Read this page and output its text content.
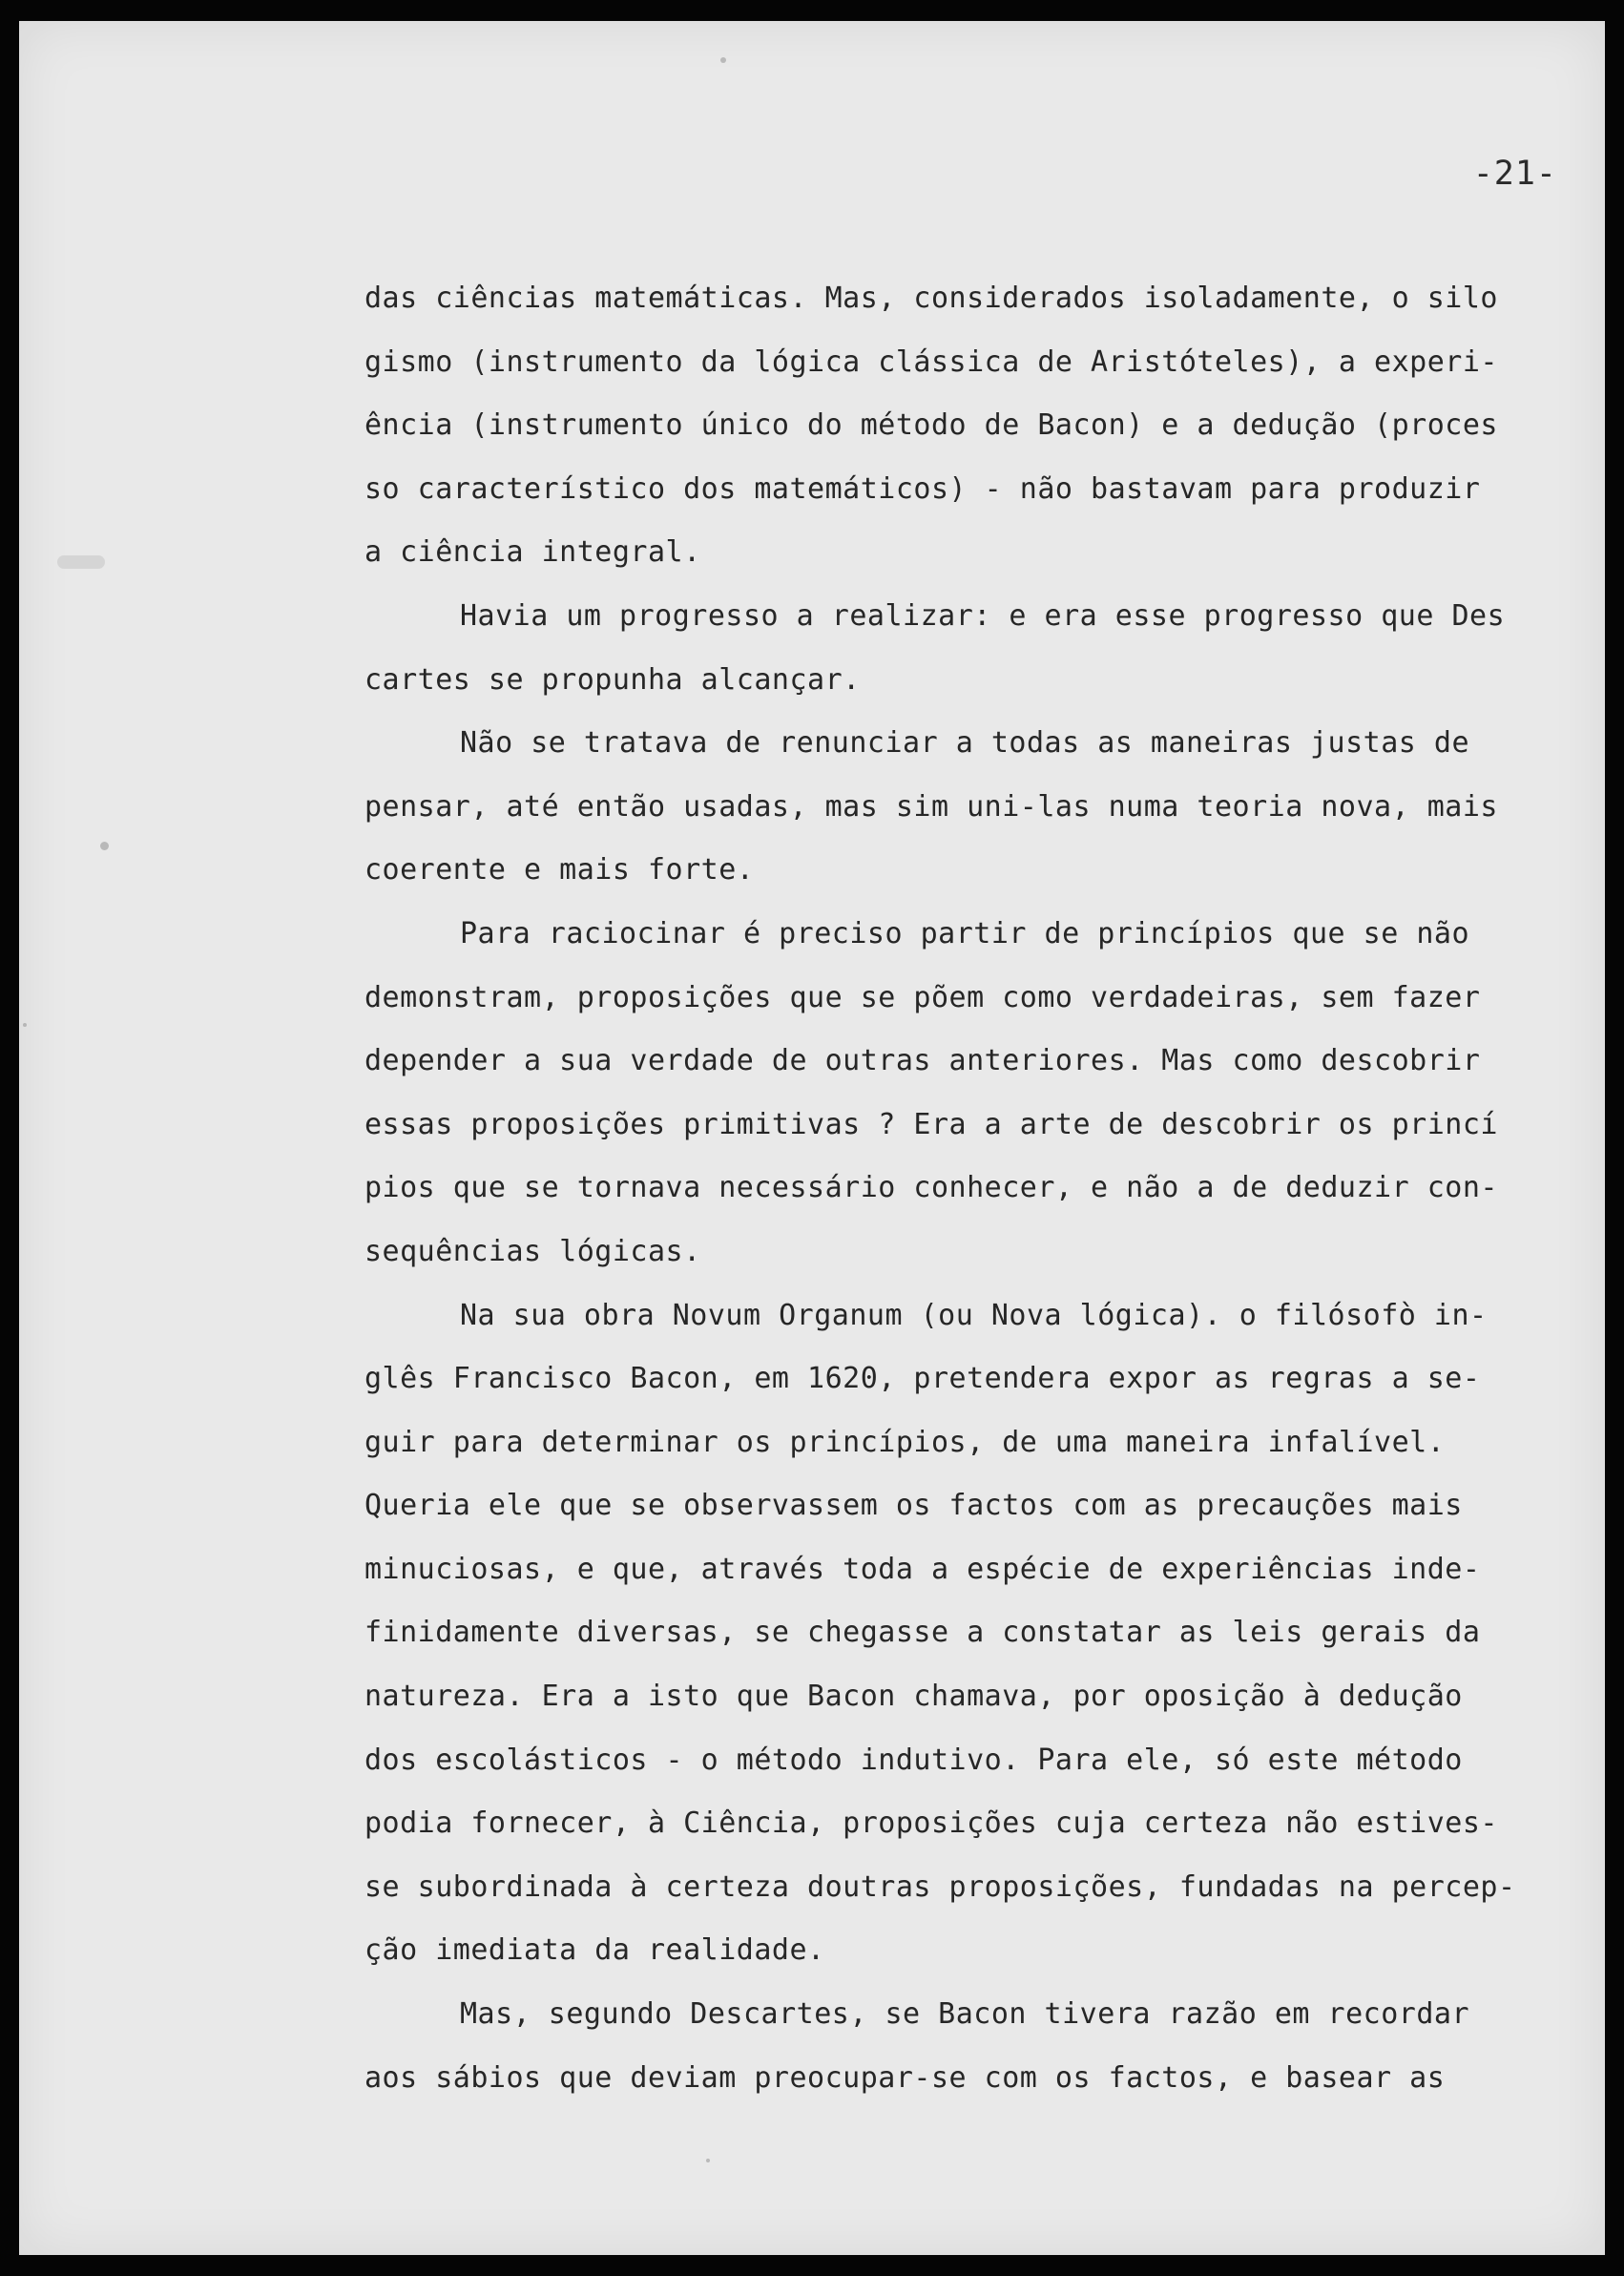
-21-
das ciências matemáticas. Mas, considerados isoladamente, o silo
gismo (instrumento da lógica clássica de Aristóteles), a experi-
ência (instrumento único do método de Bacon) e a dedução (proces
so característico dos matemáticos) - não bastavam para produzir
a ciência integral.
Havia um progresso a realizar: e era esse progresso que Des
cartes se propunha alcançar.
Não se tratava de renunciar a todas as maneiras justas de
pensar, até então usadas, mas sim uni-las numa teoria nova, mais
coerente e mais forte.
Para raciocinar é preciso partir de princípios que se não
demonstram, proposições que se põem como verdadeiras, sem fazer
depender a sua verdade de outras anteriores. Mas como descobrir
essas proposições primitivas ? Era a arte de descobrir os princí
pios que se tornava necessário conhecer, e não a de deduzir con-
sequências lógicas.
Na sua obra Novum Organum (ou Nova lógica). o filósofò in-
glês Francisco Bacon, em 1620, pretendera expor as regras a se-
guir para determinar os princípios, de uma maneira infalível.
Queria ele que se observassem os factos com as precauções mais
minuciosas, e que, através toda a espécie de experiências inde-
finidamente diversas, se chegasse a constatar as leis gerais da
natureza. Era a isto que Bacon chamava, por oposição à dedução
dos escolásticos - o método indutivo. Para ele, só este método
podia fornecer, à Ciência, proposições cuja certeza não estives-
se subordinada à certeza doutras proposições, fundadas na percep-
ção imediata da realidade.
Mas, segundo Descartes, se Bacon tivera razão em recordar
aos sábios que deviam preocupar-se com os factos, e basear as
